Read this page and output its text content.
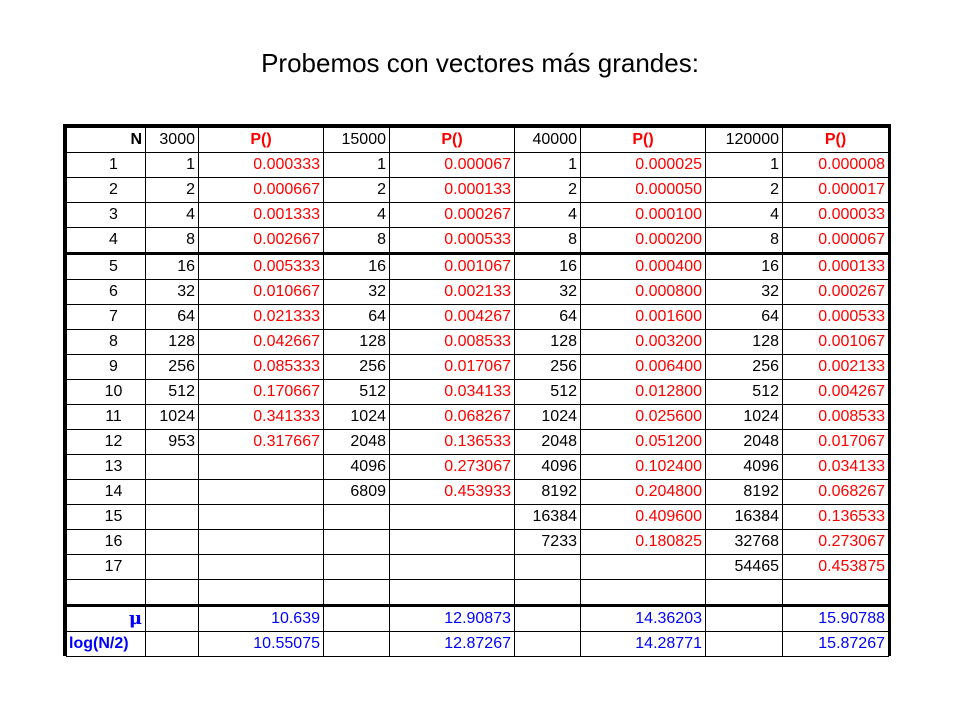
Probemos con vectores más grandes:
N	3000	P()	15000	P()	40000	P()	120000	P()
1	1	0.000333	1	0.000067	1	0.000025	1	0.000008
2	2	0.000667	2	0.000133	2	0.000050	2	0.000017
3	4	0.001333	4	0.000267	4	0.000100	4	0.000033
4	8	0.002667	8	0.000533	8	0.000200	8	0.000067
5	16	0.005333	16	0.001067	16	0.000400	16	0.000133
6	32	0.010667	32	0.002133	32	0.000800	32	0.000267
7	64	0.021333	64	0.004267	64	0.001600	64	0.000533
8	128	0.042667	128	0.008533	128	0.003200	128	0.001067
9	256	0.085333	256	0.017067	256	0.006400	256	0.002133
10	512	0.170667	512	0.034133	512	0.012800	512	0.004267
11	1024	0.341333	1024	0.068267	1024	0.025600	1024	0.008533
12	953	0.317667	2048	0.136533	2048	0.051200	2048	0.017067
13			4096	0.273067	4096	0.102400	4096	0.034133
14			6809	0.453933	8192	0.204800	8192	0.068267
15					16384	0.409600	16384	0.136533
16					7233	0.180825	32768	0.273067
17							54465	0.453875

μ		10.639		12.90873		14.36203		15.90788
log(N/2)		10.55075		12.87267		14.28771		15.87267
